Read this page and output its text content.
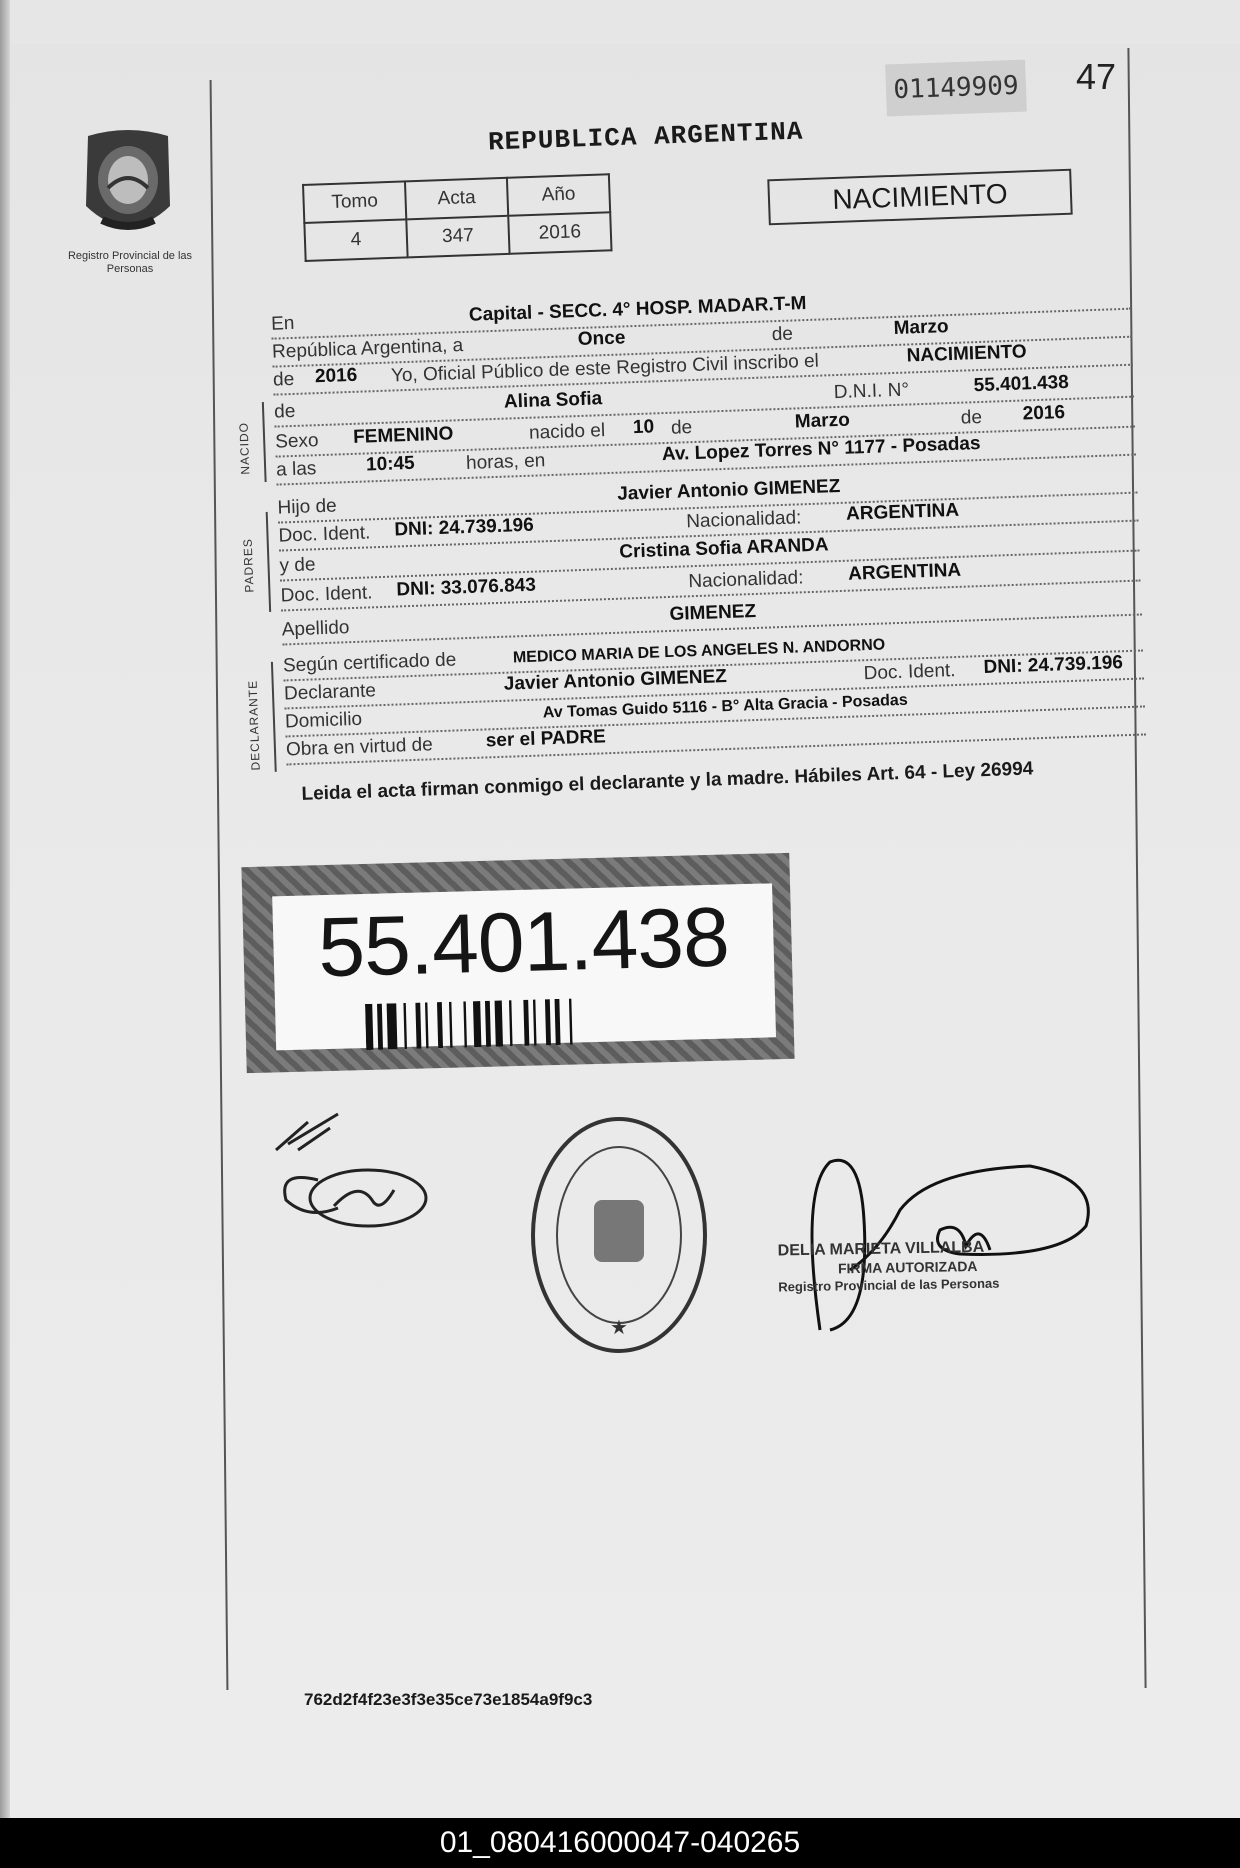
Registro Provincial de las Personas
01149909 47
REPUBLICA ARGENTINA
Tomo	Acta	Año
4	347	2016
NACIMIENTO
En	Capital - SECC. 4° HOSP. MADAR.T-M
República Argentina, a	Once	de	Marzo
de 2016 Yo, Oficial Público de este Registro Civil inscribo el	NACIMIENTO
de	Alina Sofia	D.N.I. N°	55.401.438
Sexo FEMENINO	nacido el 10 de	Marzo	de 2016
a las	10:45	horas, en	Av. Lopez Torres N° 1177 - Posadas
Hijo de
Javier Antonio GIMENEZ
Doc. Ident. DNI: 24.739.196	Nacionalidad: ARGENTINA
y de
Cristina Sofia ARANDA
Doc. Ident. DNI: 33.076.843	Nacionalidad: ARGENTINA
Apellido
GIMENEZ
Según certificado de	MEDICO MARIA DE LOS ANGELES N. ANDORNO
Declarante	Javier Antonio GIMENEZ	Doc. Ident. DNI: 24.739.196
Domicilio	Av Tomas Guido 5116 - B° Alta Gracia - Posadas
Obra en virtud de	ser el PADRE
NACIDO
PADRES
DECLARANTE
Leida el acta firman conmigo el declarante y la madre. Hábiles Art. 64 - Ley 26994
55.401.438
★
DELIA MARIETA VILLALBA
FIRMA AUTORIZADA
Registro Provincial de las Personas
762d2f4f23e3f3e35ce73e1854a9f9c3
01_080416000047-040265
